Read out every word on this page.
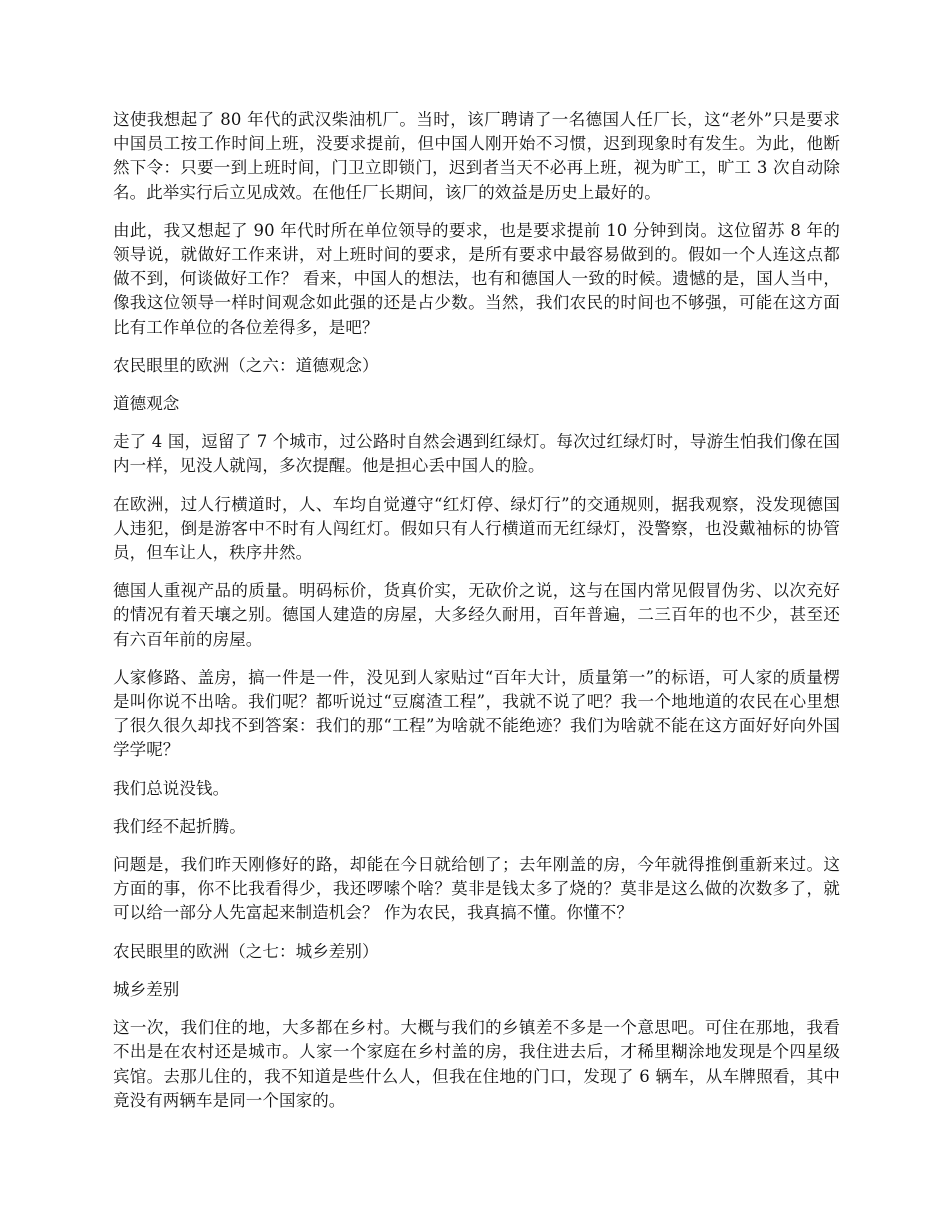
这使我想起了 80 年代的武汉柴油机厂。当时，该厂聘请了一名德国人任厂长，这“老外”只是要求中国员工按工作时间上班，没要求提前，但中国人刚开始不习惯，迟到现象时有发生。为此，他断然下令：只要一到上班时间，门卫立即锁门，迟到者当天不必再上班，视为旷工，旷工 3 次自动除名。此举实行后立见成效。在他任厂长期间，该厂的效益是历史上最好的。

由此，我又想起了 90 年代时所在单位领导的要求，也是要求提前 10 分钟到岗。这位留苏 8 年的领导说，就做好工作来讲，对上班时间的要求，是所有要求中最容易做到的。假如一个人连这点都做不到，何谈做好工作？ 看来，中国人的想法，也有和德国人一致的时候。遗憾的是，国人当中，像我这位领导一样时间观念如此强的还是占少数。当然，我们农民的时间也不够强，可能在这方面比有工作单位的各位差得多，是吧？

农民眼里的欧洲（之六：道德观念）

道德观念

走了 4 国，逗留了 7 个城市，过公路时自然会遇到红绿灯。每次过红绿灯时，导游生怕我们像在国内一样，见没人就闯，多次提醒。他是担心丢中国人的脸。

在欧洲，过人行横道时，人、车均自觉遵守“红灯停、绿灯行”的交通规则，据我观察，没发现德国人违犯，倒是游客中不时有人闯红灯。假如只有人行横道而无红绿灯，没警察，也没戴袖标的协管员，但车让人，秩序井然。

德国人重视产品的质量。明码标价，货真价实，无砍价之说，这与在国内常见假冒伪劣、以次充好的情况有着天壤之别。德国人建造的房屋，大多经久耐用，百年普遍，二三百年的也不少，甚至还有六百年前的房屋。

人家修路、盖房，搞一件是一件，没见到人家贴过“百年大计，质量第一”的标语，可人家的质量楞是叫你说不出啥。我们呢？都听说过“豆腐渣工程”，我就不说了吧？我一个地地道的农民在心里想了很久很久却找不到答案：我们的那“工程”为啥就不能绝迹？我们为啥就不能在这方面好好向外国学学呢？

我们总说没钱。

我们经不起折腾。

问题是，我们昨天刚修好的路，却能在今日就给刨了；去年刚盖的房，今年就得推倒重新来过。这方面的事，你不比我看得少，我还啰嗦个啥？莫非是钱太多了烧的？莫非是这么做的次数多了，就可以给一部分人先富起来制造机会？ 作为农民，我真搞不懂。你懂不？

农民眼里的欧洲（之七：城乡差别）

城乡差别

这一次，我们住的地，大多都在乡村。大概与我们的乡镇差不多是一个意思吧。可住在那地，我看不出是在农村还是城市。人家一个家庭在乡村盖的房，我住进去后，才稀里糊涂地发现是个四星级宾馆。去那儿住的，我不知道是些什么人，但我在住地的门口，发现了 6 辆车，从车牌照看，其中竟没有两辆车是同一个国家的。
